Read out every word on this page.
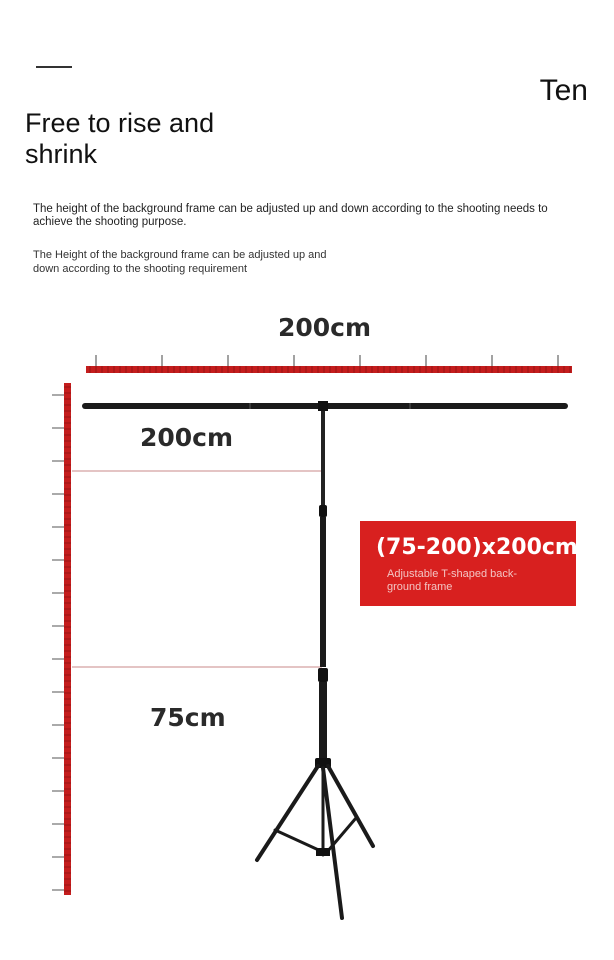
Ten
Free to rise and
shrink
The height of the background frame can be adjusted up and down according to the shooting needs to achieve the shooting purpose.
The Height of the background frame can be adjusted up and
down according to the shooting requirement
200cm
200cm
75cm
(75-200)x200cm
Adjustable T-shaped back-
ground frame
